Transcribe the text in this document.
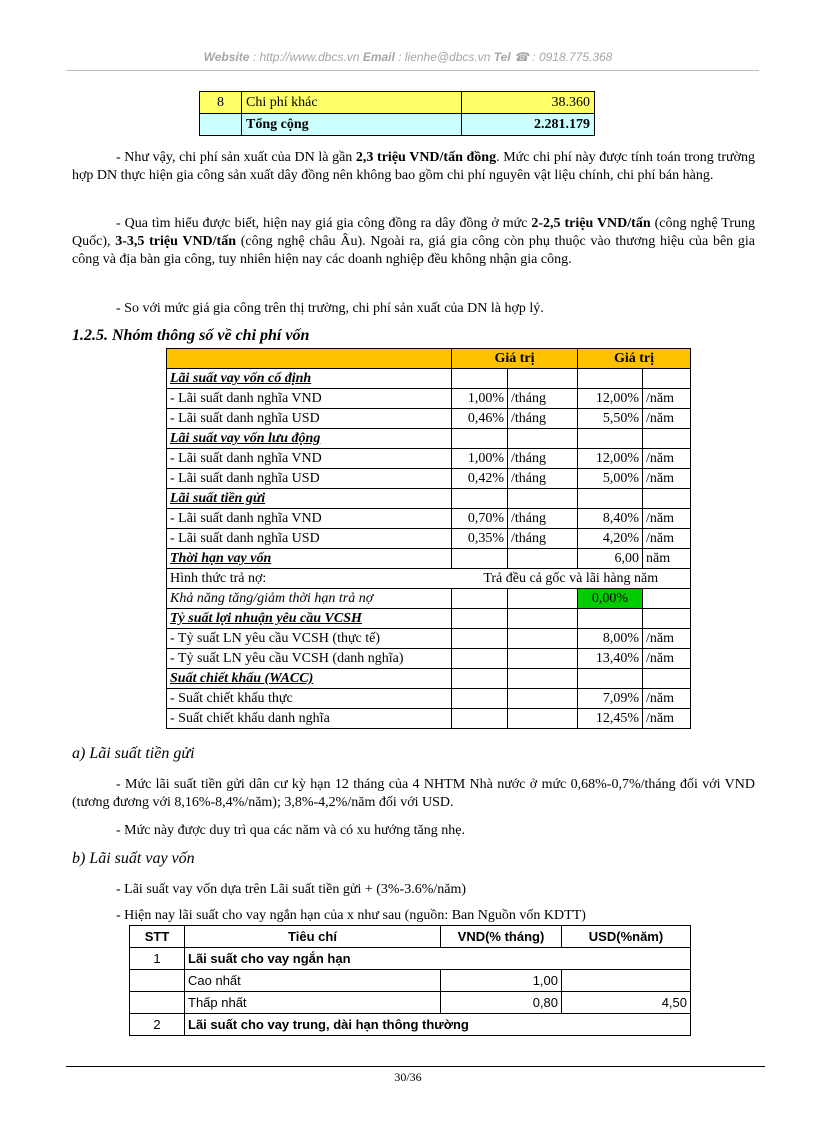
Website : http://www.dbcs.vn Email : lienhe@dbcs.vn Tel ☎ : 0918.775.368
8	Chi phí khác	38.360
	Tổng cộng	2.281.179

- Như vậy, chi phí sản xuất của DN là gần 2,3 triệu VND/tấn đồng. Mức chi phí này được tính toán trong trường hợp DN thực hiện gia công sản xuất dây đồng nên không bao gồm chi phí nguyên vật liệu chính, chi phí bán hàng.

- Qua tìm hiểu được biết, hiện nay giá gia công đồng ra dây đồng ở mức 2-2,5 triệu VND/tấn (công nghệ Trung Quốc), 3-3,5 triệu VND/tấn (công nghệ châu Âu). Ngoài ra, giá gia công còn phụ thuộc vào thương hiệu của bên gia công và địa bàn gia công, tuy nhiên hiện nay các doanh nghiệp đều không nhận gia công.

- So với mức giá gia công trên thị trường, chi phí sản xuất của DN là hợp lý.

1.2.5. Nhóm thông số về chi phí vốn
	Giá trị		Giá trị	
Lãi suất vay vốn cố định				
- Lãi suất danh nghĩa VND	1,00%	/tháng	12,00%	/năm
- Lãi suất danh nghĩa USD	0,46%	/tháng	5,50%	/năm
Lãi suất vay vốn lưu động				
- Lãi suất danh nghĩa VND	1,00%	/tháng	12,00%	/năm
- Lãi suất danh nghĩa USD	0,42%	/tháng	5,00%	/năm
Lãi suất tiền gửi				
- Lãi suất danh nghĩa VND	0,70%	/tháng	8,40%	/năm
- Lãi suất danh nghĩa USD	0,35%	/tháng	4,20%	/năm
Thời hạn vay vốn			6,00	năm
Hình thức trả nợ:	Trả đều cả gốc và lãi hàng năm			
Khả năng tăng/giảm thời hạn trả nợ			0,00%	
Tỷ suất lợi nhuận yêu cầu VCSH				
- Tỷ suất LN yêu cầu VCSH (thực tế)			8,00%	/năm
- Tỷ suất LN yêu cầu VCSH (danh nghĩa)			13,40%	/năm
Suất chiết khấu (WACC)				
- Suất chiết khấu thực			7,09%	/năm
- Suất chiết khấu danh nghĩa			12,45%	/năm

a) Lãi suất tiền gửi

- Mức lãi suất tiền gửi dân cư kỳ hạn 12 tháng của 4 NHTM Nhà nước ở mức 0,68%-0,7%/tháng đối với VND (tương đương với 8,16%-8,4%/năm); 3,8%-4,2%/năm đối với USD.

- Mức này được duy trì qua các năm và có xu hướng tăng nhẹ.

b) Lãi suất vay vốn

- Lãi suất vay vốn dựa trên Lãi suất tiền gửi + (3%-3.6%/năm)

- Hiện nay lãi suất cho vay ngắn hạn của x như sau (nguồn: Ban Nguồn vốn KDTT)

STT	Tiêu chí	VND(% tháng)	USD(%năm)
1	Lãi suất cho vay ngắn hạn		
	Cao nhất	1,00	
	Thấp nhất	0,80	4,50
2	Lãi suất cho vay trung, dài hạn thông thường		
30/36
